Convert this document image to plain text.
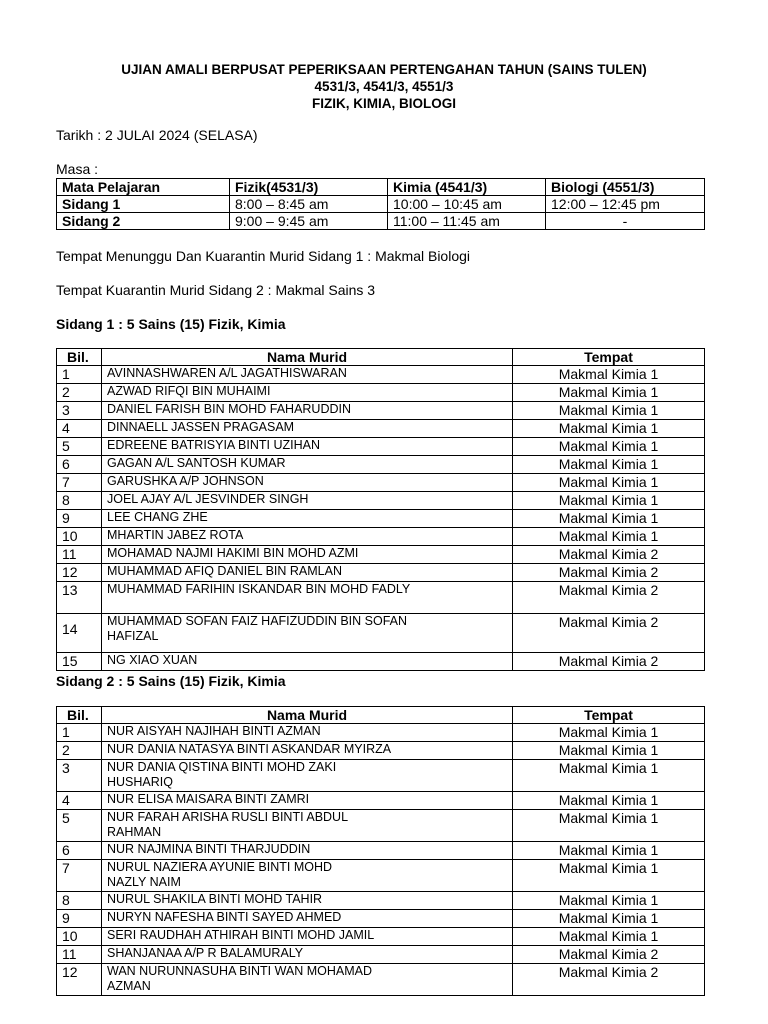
UJIAN AMALI BERPUSAT PEPERIKSAAN PERTENGAHAN TAHUN (SAINS TULEN)
4531/3, 4541/3, 4551/3
FIZIK, KIMIA, BIOLOGI
Tarikh : 2 JULAI 2024 (SELASA)
Masa :
Mata Pelajaran	Fizik(4531/3)	Kimia (4541/3)	Biologi (4551/3)
Sidang 1	8:00 – 8:45 am	10:00 – 10:45 am	12:00 – 12:45 pm
Sidang 2	9:00 – 9:45 am	11:00 – 11:45 am	-
Tempat Menunggu Dan Kuarantin Murid Sidang 1 : Makmal Biologi
Tempat Kuarantin Murid Sidang 2 : Makmal Sains 3
Sidang 1 : 5 Sains (15) Fizik, Kimia
Bil.	Nama Murid	Tempat
1	AVINNASHWAREN A/L JAGATHISWARAN	Makmal Kimia 1
2	AZWAD RIFQI BIN MUHAIMI	Makmal Kimia 1
3	DANIEL FARISH BIN MOHD FAHARUDDIN	Makmal Kimia 1
4	DINNAELL JASSEN PRAGASAM	Makmal Kimia 1
5	EDREENE BATRISYIA BINTI UZIHAN	Makmal Kimia 1
6	GAGAN A/L SANTOSH KUMAR	Makmal Kimia 1
7	GARUSHKA A/P JOHNSON	Makmal Kimia 1
8	JOEL AJAY A/L JESVINDER SINGH	Makmal Kimia 1
9	LEE CHANG ZHE	Makmal Kimia 1
10	MHARTIN JABEZ ROTA	Makmal Kimia 1
11	MOHAMAD NAJMI HAKIMI BIN MOHD AZMI	Makmal Kimia 2
12	MUHAMMAD AFIQ DANIEL BIN RAMLAN	Makmal Kimia 2
13	MUHAMMAD FARIHIN ISKANDAR BIN MOHD FADLY	Makmal Kimia 2
14	MUHAMMAD SOFAN FAIZ HAFIZUDDIN BIN SOFAN HAFIZAL	Makmal Kimia 2
15	NG XIAO XUAN	Makmal Kimia 2
Sidang 2 : 5 Sains (15) Fizik, Kimia
Bil.	Nama Murid	Tempat
1	NUR AISYAH NAJIHAH BINTI AZMAN	Makmal Kimia 1
2	NUR DANIA NATASYA BINTI ASKANDAR MYIRZA	Makmal Kimia 1
3	NUR DANIA QISTINA BINTI MOHD ZAKI HUSHARIQ	Makmal Kimia 1
4	NUR ELISA MAISARA BINTI ZAMRI	Makmal Kimia 1
5	NUR FARAH ARISHA RUSLI BINTI ABDUL RAHMAN	Makmal Kimia 1
6	NUR NAJMINA BINTI THARJUDDIN	Makmal Kimia 1
7	NURUL NAZIERA AYUNIE BINTI MOHD NAZLY NAIM	Makmal Kimia 1
8	NURUL SHAKILA BINTI MOHD TAHIR	Makmal Kimia 1
9	NURYN NAFESHA BINTI SAYED AHMED	Makmal Kimia 1
10	SERI RAUDHAH ATHIRAH BINTI MOHD JAMIL	Makmal Kimia 1
11	SHANJANAA A/P R BALAMURALY	Makmal Kimia 2
12	WAN NURUNNASUHA BINTI WAN MOHAMAD AZMAN	Makmal Kimia 2
